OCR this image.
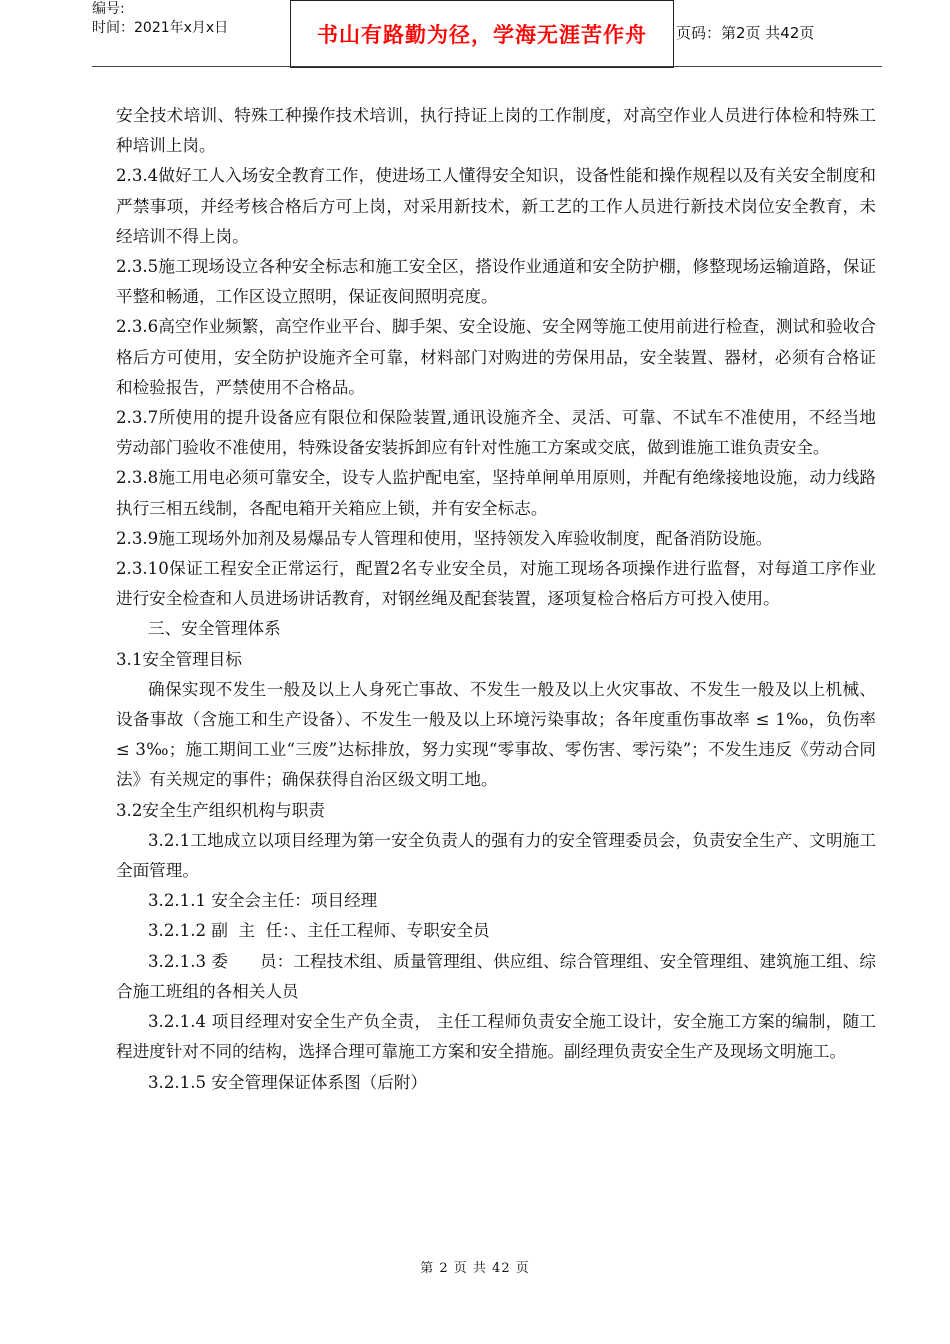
编号:
时间：2021年x月x日	书山有路勤为径，学海无涯苦作舟 页码：第2页 共42页

安全技术培训、特殊工种操作技术培训，执行持证上岗的工作制度，对高空作业人员进行体检和特殊工种培训上岗。

2.3.4做好工人入场安全教育工作，使进场工人懂得安全知识，设备性能和操作规程以及有关安全制度和严禁事项，并经考核合格后方可上岗，对采用新技术，新工艺的工作人员进行新技术岗位安全教育，未经培训不得上岗。

2.3.5施工现场设立各种安全标志和施工安全区，搭设作业通道和安全防护棚，修整现场运输道路，保证平整和畅通，工作区设立照明，保证夜间照明亮度。

2.3.6高空作业频繁，高空作业平台、脚手架、安全设施、安全网等施工使用前进行检查，测试和验收合格后方可使用，安全防护设施齐全可靠，材料部门对购进的劳保用品，安全装置、器材，必须有合格证和检验报告，严禁使用不合格品。

2.3.7所使用的提升设备应有限位和保险装置,通讯设施齐全、灵活、可靠、不试车不准使用，不经当地劳动部门验收不准使用，特殊设备安装拆卸应有针对性施工方案或交底，做到谁施工谁负责安全。

2.3.8施工用电必须可靠安全，设专人监护配电室，坚持单闸单用原则，并配有绝缘接地设施，动力线路执行三相五线制，各配电箱开关箱应上锁，并有安全标志。

2.3.9施工现场外加剂及易爆品专人管理和使用，坚持领发入库验收制度，配备消防设施。

2.3.10保证工程安全正常运行，配置2名专业安全员，对施工现场各项操作进行监督，对每道工序作业进行安全检查和人员进场讲话教育，对钢丝绳及配套装置，逐项复检合格后方可投入使用。

三、安全管理体系

3.1安全管理目标

确保实现不发生一般及以上人身死亡事故、不发生一般及以上火灾事故、不发生一般及以上机械、设备事故（含施工和生产设备）、不发生一般及以上环境污染事故；各年度重伤事故率 ≤ 1‰，负伤率 ≤ 3‰；施工期间工业“三废”达标排放，努力实现“零事故、零伤害、零污染”；不发生违反《劳动合同法》有关规定的事件；确保获得自治区级文明工地。

3.2安全生产组织机构与职责

3.2.1工地成立以项目经理为第一安全负责人的强有力的安全管理委员会，负责安全生产、文明施工全面管理。

3.2.1.1 安全会主任：项目经理

3.2.1.2 副  主  任：、主任工程师、专职安全员

3.2.1.3 委      员：工程技术组、质量管理组、供应组、综合管理组、安全管理组、建筑施工组、综合施工班组的各相关人员

3.2.1.4 项目经理对安全生产负全责， 主任工程师负责安全施工设计，安全施工方案的编制，随工程进度针对不同的结构，选择合理可靠施工方案和安全措施。副经理负责安全生产及现场文明施工。

3.2.1.5 安全管理保证体系图（后附）

第 2 页 共 42 页
